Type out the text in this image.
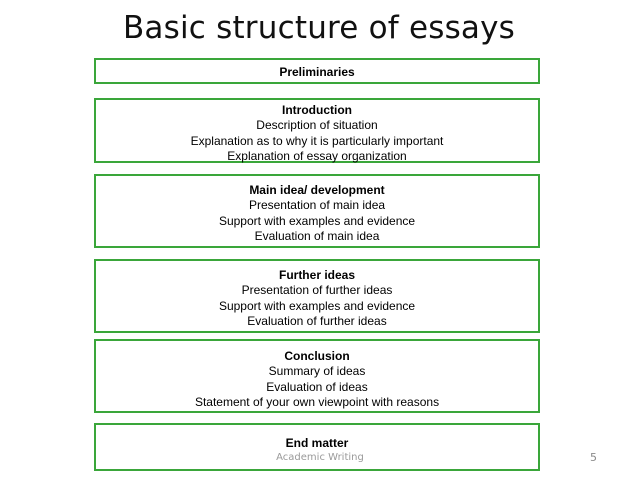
Basic structure of essays
Preliminaries
Introduction
Description of situation
Explanation as to why it is particularly important
Explanation of essay organization
Main idea/ development
Presentation of main idea
Support with examples and evidence
Evaluation of main idea
Further ideas
Presentation of further ideas
Support with examples and evidence
Evaluation of further ideas
Conclusion
Summary of ideas
Evaluation of ideas
Statement of your own viewpoint with reasons
End matter
Academic Writing	5
